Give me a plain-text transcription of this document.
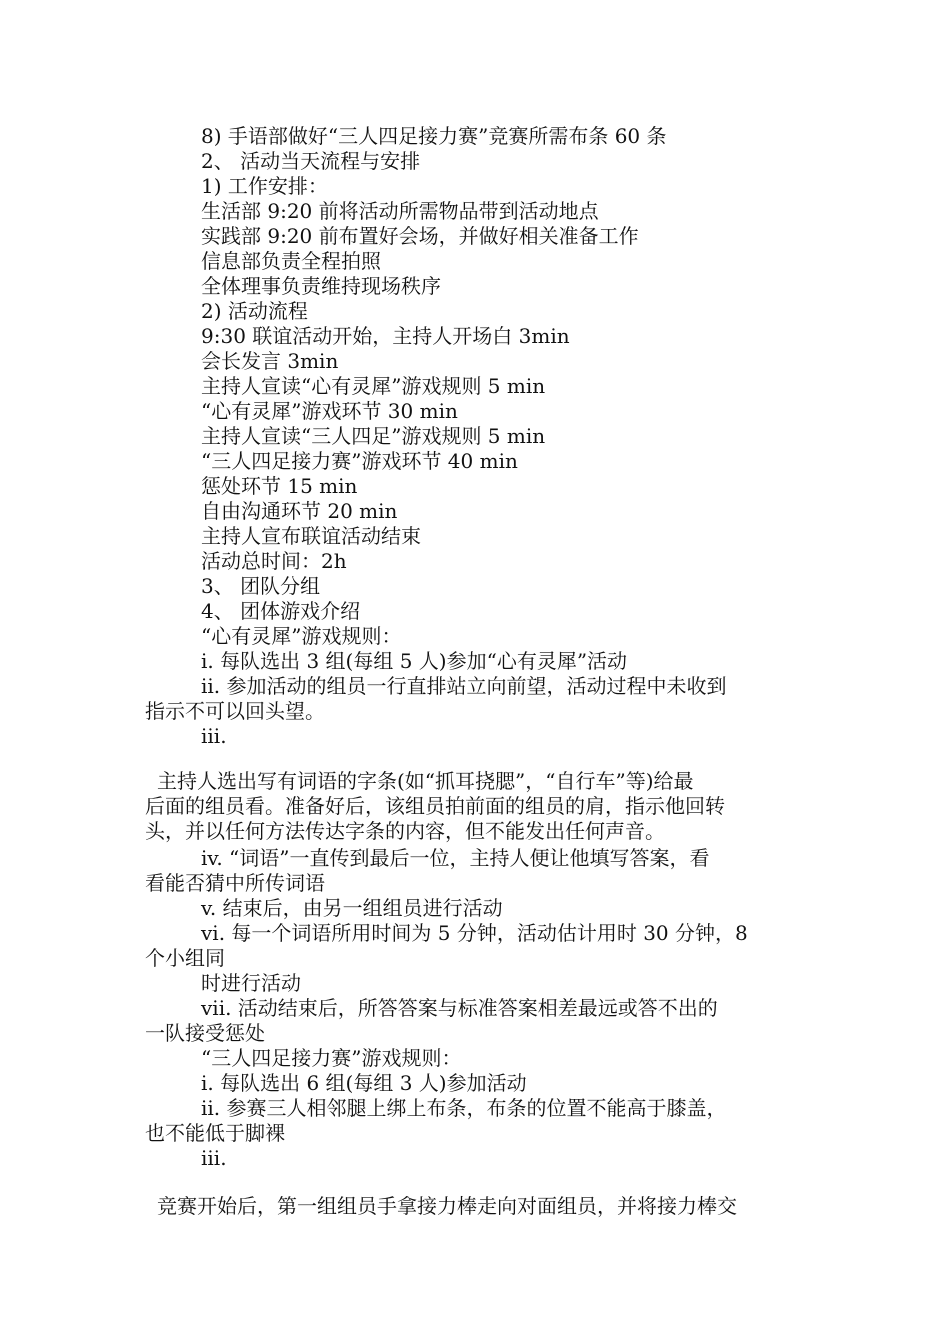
8) 手语部做好“三人四足接力赛”竞赛所需布条 60 条
2、 活动当天流程与安排
1) 工作安排：
生活部 9:20 前将活动所需物品带到活动地点
实践部 9:20 前布置好会场，并做好相关准备工作
信息部负责全程拍照
全体理事负责维持现场秩序
2) 活动流程
9:30 联谊活动开始，主持人开场白 3min
会长发言 3min
主持人宣读“心有灵犀”游戏规则 5 min
“心有灵犀”游戏环节 30 min
主持人宣读“三人四足”游戏规则 5 min
“三人四足接力赛”游戏环节 40 min
惩处环节 15 min
自由沟通环节 20 min
主持人宣布联谊活动结束
活动总时间：2h
3、 团队分组
4、 团体游戏介绍
“心有灵犀”游戏规则：
i. 每队选出 3 组(每组 5 人)参加“心有灵犀”活动
ii. 参加活动的组员一行直排站立向前望，活动过程中未收到
指示不可以回头望。
iii.
主持人选出写有词语的字条(如“抓耳挠腮”，“自行车”等)给最
后面的组员看。准备好后，该组员拍前面的组员的肩，指示他回转
头，并以任何方法传达字条的内容，但不能发出任何声音。
iv. “词语”一直传到最后一位，主持人便让他填写答案，看
看能否猜中所传词语
v. 结束后，由另一组组员进行活动
vi. 每一个词语所用时间为 5 分钟，活动估计用时 30 分钟，8
个小组同
时进行活动
vii. 活动结束后，所答答案与标准答案相差最远或答不出的
一队接受惩处
“三人四足接力赛”游戏规则：
i. 每队选出 6 组(每组 3 人)参加活动
ii. 参赛三人相邻腿上绑上布条，布条的位置不能高于膝盖，
也不能低于脚裸
iii.
竞赛开始后，第一组组员手拿接力棒走向对面组员，并将接力棒交
